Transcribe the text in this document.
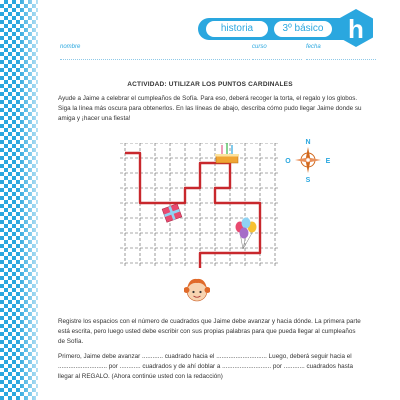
historia	3º básico h
nombre	curso	fecha
ACTIVIDAD: UTILIZAR LOS PUNTOS CARDINALES

Ayude a Jaime a celebrar el cumpleaños de Sofía. Para eso, deberá recoger la torta, el regalo y los globos. Siga la línea más oscura para obtenerlos. En las líneas de abajo, describa cómo pudo llegar Jaime donde su amiga y ¡hacer una fiesta!

N
S
E
O

Registre los espacios con el número de cuadrados que Jaime debe avanzar y hacia dónde. La primera parte está escrita, pero luego usted debe escribir con sus propias palabras para que pueda llegar al cumpleaños de Sofía.

Primero, Jaime debe avanzar ............ cuadrado hacia el ............................. Luego, deberá seguir hacia el ............................ por ............ cuadrados y de ahí doblar a ............................ por ............ cuadrados hasta llegar al REGALO. (Ahora continúe usted con la redacción)
